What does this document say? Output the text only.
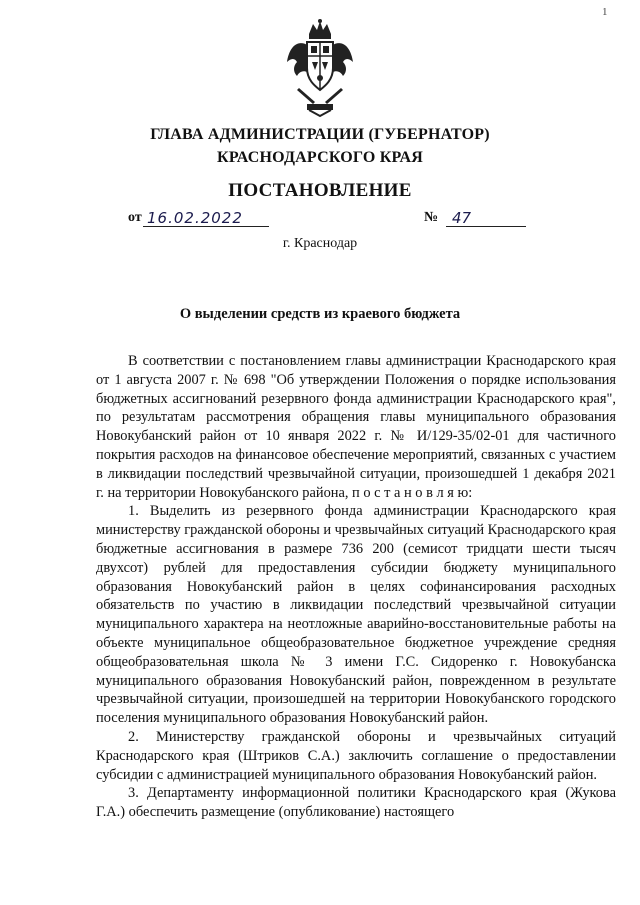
1
ГЛАВА АДМИНИСТРАЦИИ (ГУБЕРНАТОР)
КРАСНОДАРСКОГО КРАЯ
ПОСТАНОВЛЕНИЕ
от 16.02.2022	№ 47
г. Краснодар
О выделении средств из краевого бюджета

В соответствии с постановлением главы администрации Краснодарского края от 1 августа 2007 г. № 698 "Об утверждении Положения о порядке использования бюджетных ассигнований резервного фонда администрации Краснодарского края", по результатам рассмотрения обращения главы муниципального образования Новокубанский район от 10 января 2022 г. № И/129-35/02-01 для частичного покрытия расходов на финансовое обеспечение мероприятий, связанных с участием в ликвидации последствий чрезвычайной ситуации, произошедшей 1 декабря 2021 г. на территории Новокубанского района, п о с т а н о в л я ю:

1. Выделить из резервного фонда администрации Краснодарского края министерству гражданской обороны и чрезвычайных ситуаций Краснодарского края бюджетные ассигнования в размере 736 200 (семисот тридцати шести тысяч двухсот) рублей для предоставления субсидии бюджету муниципального образования Новокубанский район в целях софинансирования расходных обязательств по участию в ликвидации последствий чрезвычайной ситуации муниципального характера на неотложные аварийно-восстановительные работы на объекте муниципальное общеобразовательное бюджетное учреждение средняя общеобразовательная школа № 3 имени Г.С. Сидоренко г. Новокубанска муниципального образования Новокубанский район, поврежденном в результате чрезвычайной ситуации, произошедшей на территории Новокубанского городского поселения муниципального образования Новокубанский район.

2. Министерству гражданской обороны и чрезвычайных ситуаций Краснодарского края (Штриков С.А.) заключить соглашение о предоставлении субсидии с администрацией муниципального образования Новокубанский район.

3. Департаменту информационной политики Краснодарского края (Жукова Г.А.) обеспечить размещение (опубликование) настоящего
